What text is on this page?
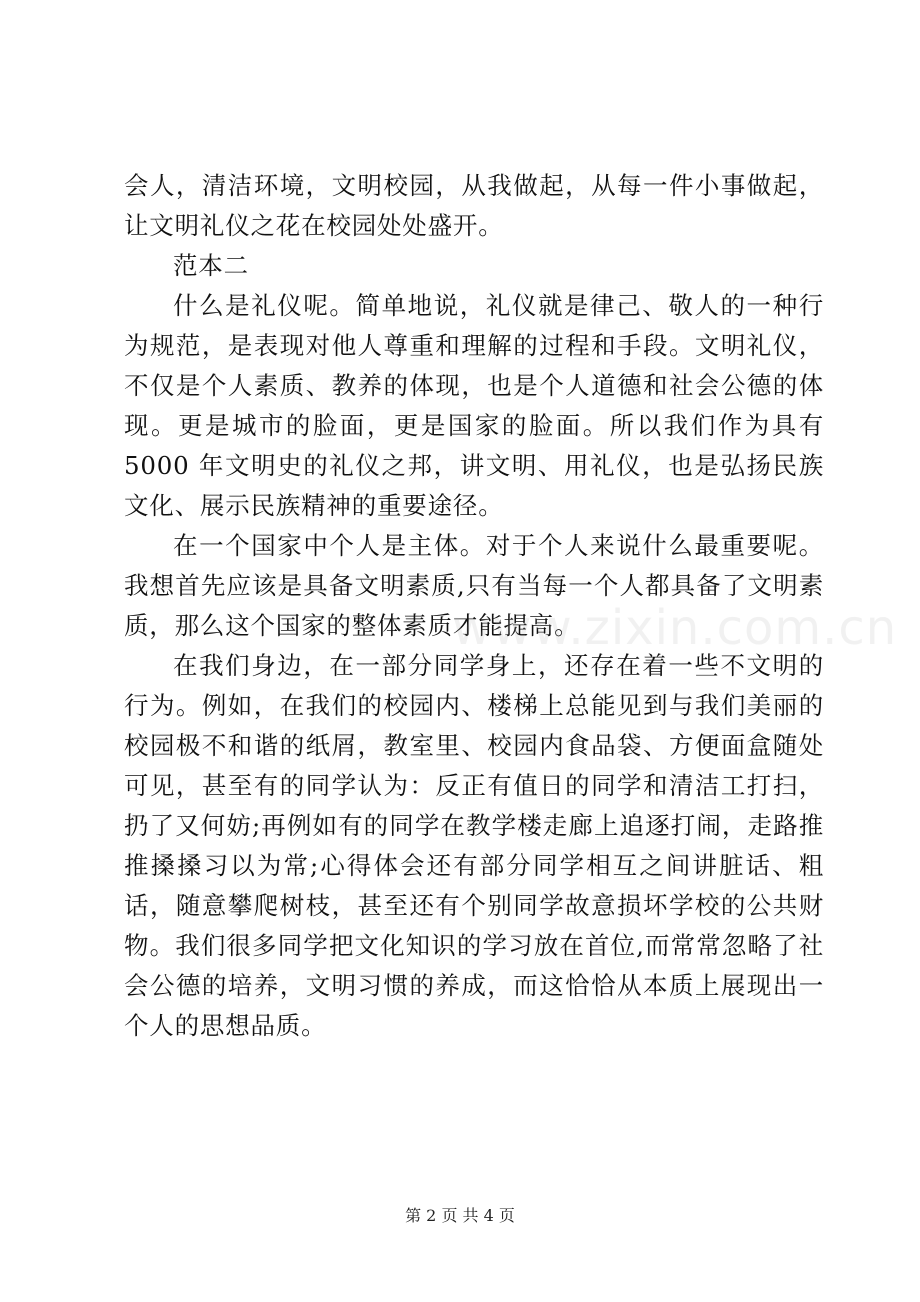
会人，清洁环境，文明校园，从我做起，从每一件小事做起，让文明礼仪之花在校园处处盛开。

范本二

什么是礼仪呢。简单地说，礼仪就是律己、敬人的一种行为规范，是表现对他人尊重和理解的过程和手段。文明礼仪，不仅是个人素质、教养的体现，也是个人道德和社会公德的体现。更是城市的脸面，更是国家的脸面。所以我们作为具有 5000 年文明史的礼仪之邦，讲文明、用礼仪，也是弘扬民族文化、展示民族精神的重要途径。

在一个国家中个人是主体。对于个人来说什么最重要呢。我想首先应该是具备文明素质,只有当每一个人都具备了文明素质，那么这个国家的整体素质才能提高。

在我们身边，在一部分同学身上，还存在着一些不文明的行为。例如，在我们的校园内、楼梯上总能见到与我们美丽的校园极不和谐的纸屑，教室里、校园内食品袋、方便面盒随处可见，甚至有的同学认为：反正有值日的同学和清洁工打扫，扔了又何妨;再例如有的同学在教学楼走廊上追逐打闹，走路推推搡搡习以为常;心得体会还有部分同学相互之间讲脏话、粗话，随意攀爬树枝，甚至还有个别同学故意损坏学校的公共财物。我们很多同学把文化知识的学习放在首位,而常常忽略了社会公德的培养，文明习惯的养成，而这恰恰从本质上展现出一个人的思想品质。

www.zixin.com.cn
第 2 页 共 4 页
